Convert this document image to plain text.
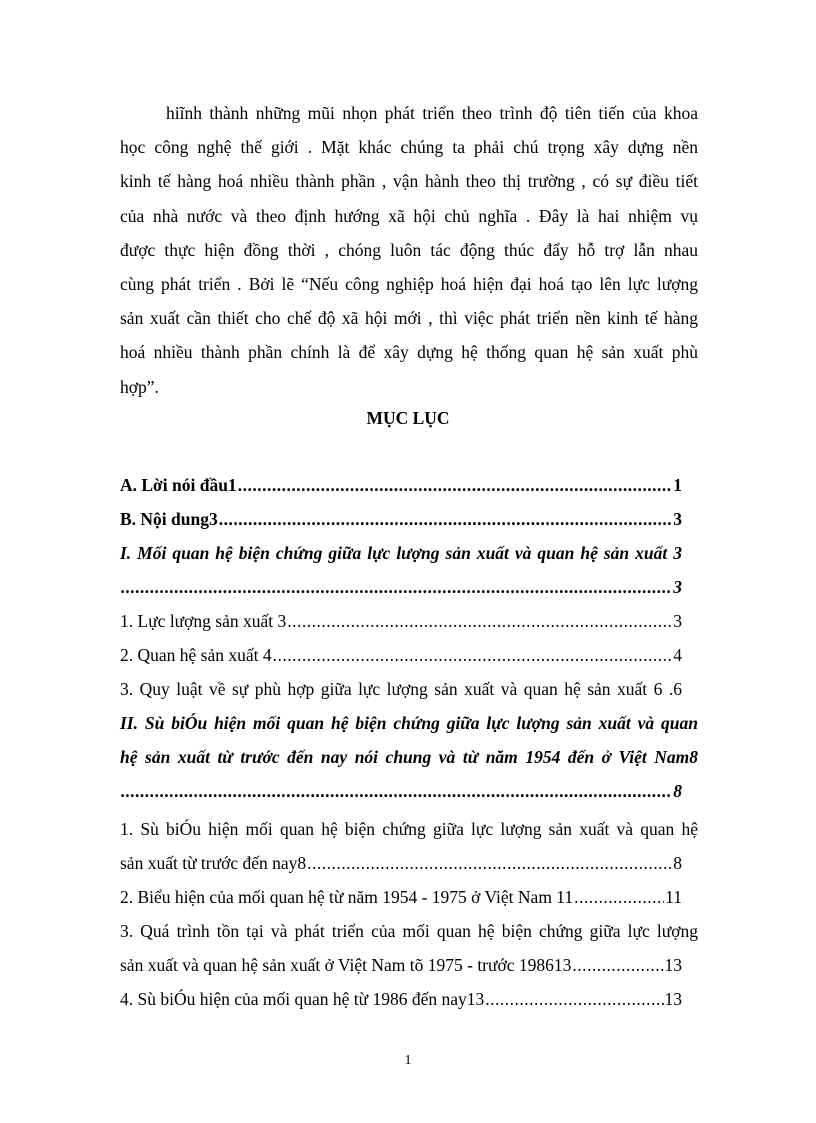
hiĩnh thành những mũi nhọn phát triển theo trình độ tiên tiến của khoa
học công nghệ thế giới . Mặt khác chúng ta phải chú trọng xây dựng nền
kinh tế hàng hoá nhiều thành phần , vận hành theo thị trường , có sự điều tiết
của nhà nước và theo định hướng xã hội chủ nghĩa . Đây là hai nhiệm vụ
được thực hiện đồng thời , chóng luôn tác động thúc đẩy hỗ trợ lẫn nhau
cùng phát triển . Bởi lẽ “Nếu công nghiệp hoá hiện đại hoá tạo lên lực lượng
sản xuất cần thiết cho chế độ xã hội mới , thì việc phát triển nền kinh tế hàng
hoá nhiều thành phần chính là để xây dựng hệ thống quan hệ sản xuất phù
hợp”.
MỤC LỤC
A. Lời nói đầu1 .....	1
B. Nội dung3 .....	3
I. Mối quan hệ biện chứng giữa lực lượng sản xuất và quan hệ sản xuất 3
.....
3
1. Lực lượng sản xuất 3 .....	3
2. Quan hệ sản xuất 4 .....	4
3. Quy luật về sự phù hợp giữa lực lượng sản xuất và quan hệ sản xuất 6 .6
II. Sù biÓu hiện mối quan hệ biện chứng giữa lực lượng sản xuất và quan
hệ sản xuất từ trước đến nay nói chung và từ năm 1954 đến ở Việt Nam8
.....
8
1. Sù biÓu hiện mối quan hệ biện chứng giữa lực lượng sản xuất và quan hệ
sản xuất từ trước đến nay8 .....	8
2. Biểu hiện của mối quan hệ từ năm 1954 - 1975 ở Việt Nam 11 .....	11
3. Quá trình tồn tại và phát triển của mối quan hệ biện chứng giữa lực lượng
sản xuất và quan hệ sản xuất ở Việt Nam tõ 1975 - trước 198613 .....	13
4. Sù biÓu hiện của mối quan hệ từ 1986 đến nay13 .....	13
1
